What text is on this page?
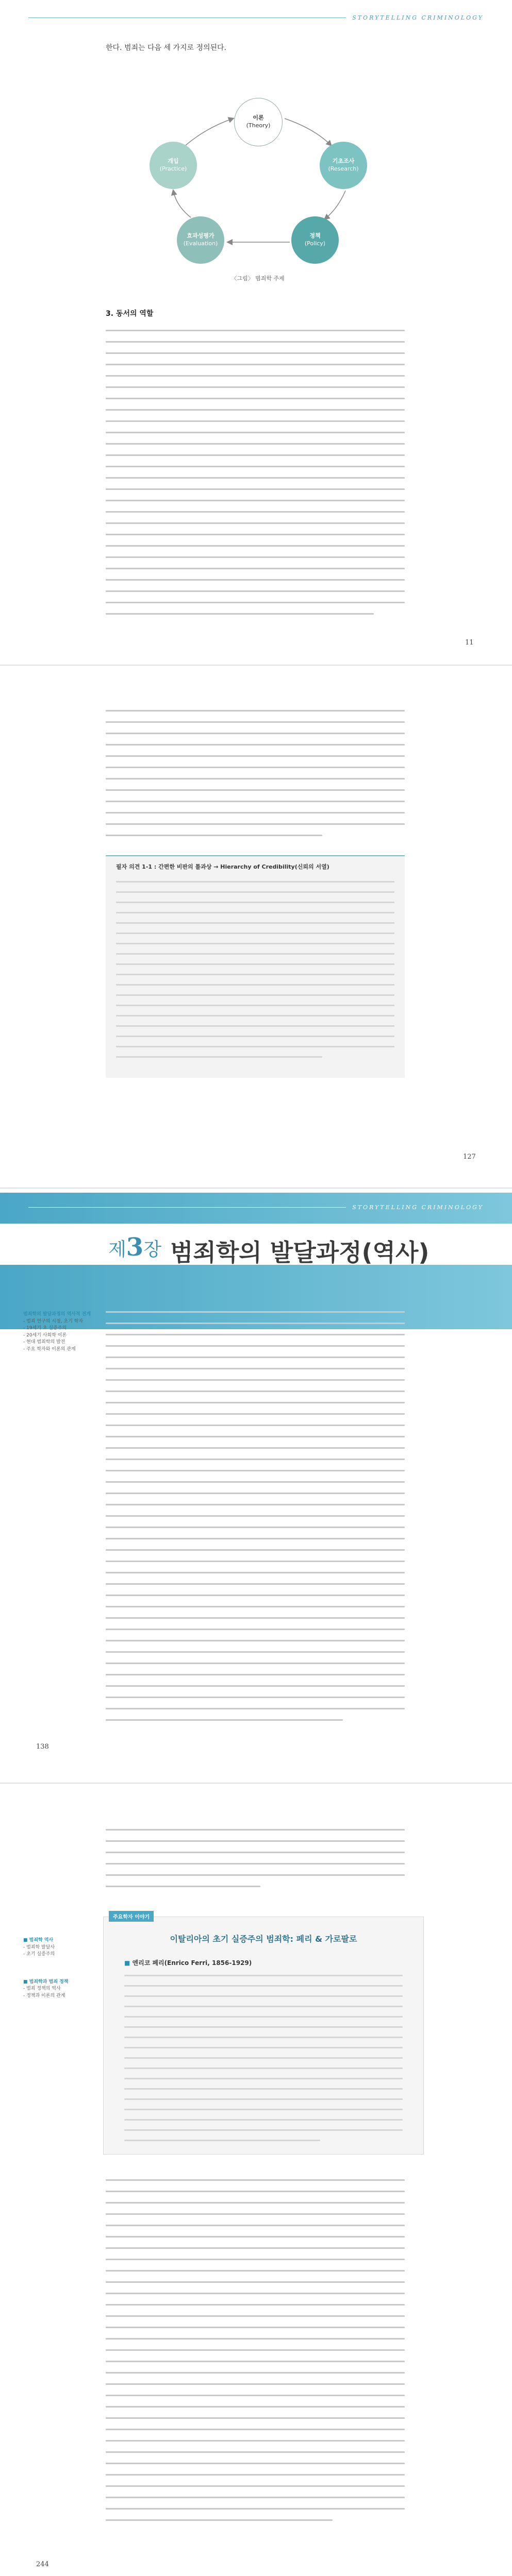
STORYTELLING CRIMINOLOGY
한다. 범죄는 다음 세 가지로 정의된다.
이론
(Theory)
기초조사
(Research)
정책
(Policy)
효과성평가
(Evaluation)
개입
(Practice)
〈그림〉 범죄학 주제
3. 동서의 역할
11
필자 의견 1-1 : 간편한 비판의 틀과상 → Hierarchy of Credibility(신뢰의 서열)
127
STORYTELLING CRIMINOLOGY
제3장 범죄학의 발달과정(역사)
범죄학의 발달과정의 역사적 전개
- 범죄 연구의 시점, 초기 학자
- 19세기 초 실증주의
- 20세기 사회학 이론
- 현대 범죄학의 발전
- 주요 학자와 이론의 관계
138
주요학자 이야기
이탈리아의 초기 실증주의 범죄학: 페리 & 가로팔로
■ 엔리코 페리(Enrico Ferri, 1856-1929)
■ 범죄학 역사
- 범죄학 발달사
- 초기 실증주의
■ 범죄학과 범죄 정책
- 범죄 정책의 역사
- 정책과 이론의 관계
244
